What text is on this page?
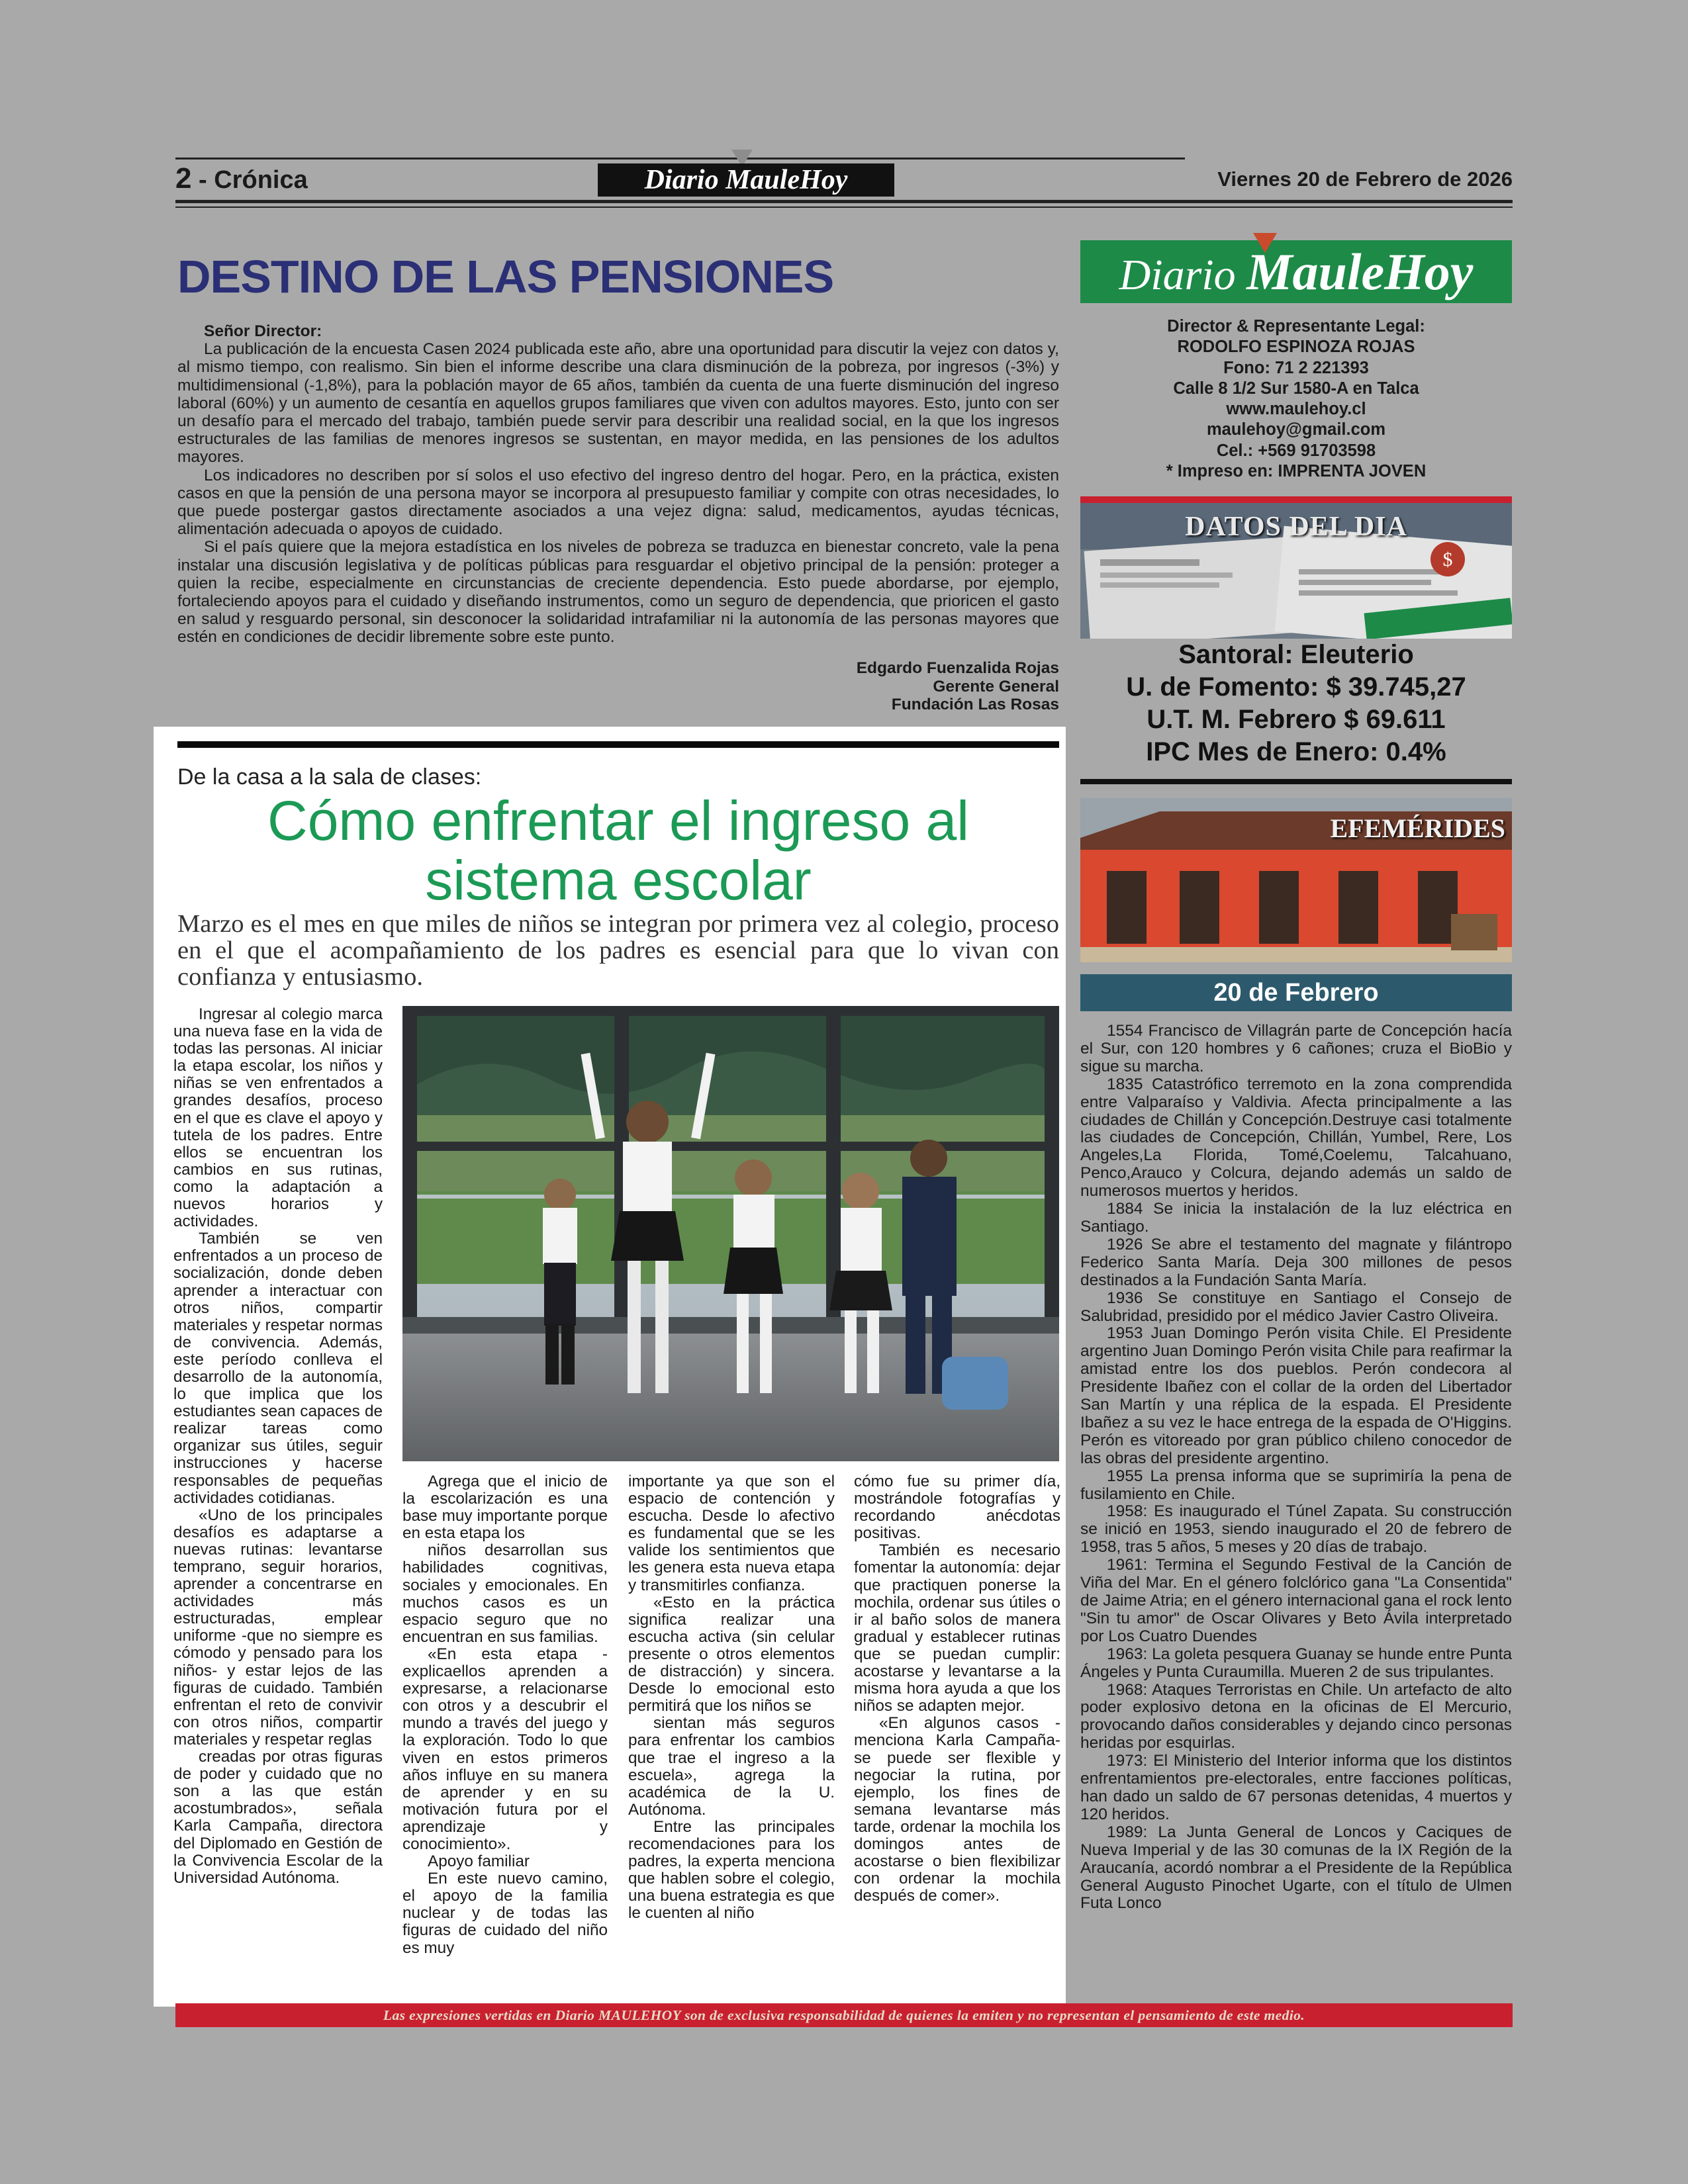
2 - Crónica	Diario MauleHoy	Viernes 20 de Febrero de 2026
DESTINO DE LAS PENSIONES

Señor Director:

La publicación de la encuesta Casen 2024 publicada este año, abre una oportunidad para discutir la vejez con datos y, al mismo tiempo, con realismo. Sin bien el informe describe una clara disminución de la pobreza, por ingresos (-3%) y multidimensional (-1,8%), para la población mayor de 65 años, también da cuenta de una fuerte disminución del ingreso laboral (60%) y un aumento de cesantía en aquellos grupos familiares que viven con adultos mayores. Esto, junto con ser un desafío para el mercado del trabajo, también puede servir para describir una realidad social, en la que los ingresos estructurales de las familias de menores ingresos se sustentan, en mayor medida, en las pensiones de los adultos mayores.

Los indicadores no describen por sí solos el uso efectivo del ingreso dentro del hogar. Pero, en la práctica, existen casos en que la pensión de una persona mayor se incorpora al presupuesto familiar y compite con otras necesidades, lo que puede postergar gastos directamente asociados a una vejez digna: salud, medicamentos, ayudas técnicas, alimentación adecuada o apoyos de cuidado.

Si el país quiere que la mejora estadística en los niveles de pobreza se traduzca en bienestar concreto, vale la pena instalar una discusión legislativa y de políticas públicas para resguardar el objetivo principal de la pensión: proteger a quien la recibe, especialmente en circunstancias de creciente dependencia. Esto puede abordarse, por ejemplo, fortaleciendo apoyos para el cuidado y diseñando instrumentos, como un seguro de dependencia, que prioricen el gasto en salud y resguardo personal, sin desconocer la solidaridad intrafamiliar ni la autonomía de las personas mayores que estén en condiciones de decidir libremente sobre este punto.

Edgardo Fuenzalida Rojas
Gerente General
Fundación Las Rosas
De la casa a la sala de clases:
Cómo enfrentar el ingreso al sistema escolar
Marzo es el mes en que miles de niños se integran por primera vez al colegio, proceso en el que el acompañamiento de los padres es esencial para que lo vivan con confianza y entusiasmo.

Ingresar al colegio marca una nueva fase en la vida de todas las personas. Al iniciar la etapa escolar, los niños y niñas se ven enfrentados a grandes desafíos, proceso en el que es clave el apoyo y tutela de los padres. Entre ellos se encuentran los cambios en sus rutinas, como la adaptación a nuevos horarios y actividades.

También se ven enfrentados a un proceso de socialización, donde deben aprender a interactuar con otros niños, compartir materiales y respetar normas de convivencia. Además, este período conlleva el desarrollo de la autonomía, lo que implica que los estudiantes sean capaces de realizar tareas como organizar sus útiles, seguir instrucciones y hacerse responsables de pequeñas actividades cotidianas.

«Uno de los principales desafíos es adaptarse a nuevas rutinas: levantarse temprano, seguir horarios, aprender a concentrarse en actividades más estructuradas, emplear uniforme -que no siempre es cómodo y pensado para los niños- y estar lejos de las figuras de cuidado. También enfrentan el reto de convivir con otros niños, compartir materiales y respetar reglas

creadas por otras figuras de poder y cuidado que no son a las que están acostumbrados», señala Karla Campaña, directora del Diplomado en Gestión de la Convivencia Escolar de la Universidad Autónoma.

Agrega que el inicio de la escolarización es una base muy importante porque en esta etapa los

niños desarrollan sus habilidades cognitivas, sociales y emocionales. En muchos casos es un espacio seguro que no encuentran en sus familias.

«En esta etapa -explicaellos aprenden a expresarse, a relacionarse con otros y a descubrir el mundo a través del juego y la exploración. Todo lo que viven en estos primeros años influye en su manera de aprender y en su motivación futura por el aprendizaje y conocimiento».

Apoyo familiar

En este nuevo camino, el apoyo de la familia nuclear y de todas las figuras de cuidado del niño es muy

importante ya que son el espacio de contención y escucha. Desde lo afectivo es fundamental que se les valide los sentimientos que les genera esta nueva etapa y transmitirles confianza.

«Esto en la práctica significa realizar una escucha activa (sin celular presente o otros elementos de distracción) y sincera. Desde lo emocional esto permitirá que los niños se

sientan más seguros para enfrentar los cambios que trae el ingreso a la escuela», agrega la académica de la U. Autónoma.

Entre las principales recomendaciones para los padres, la experta menciona que hablen sobre el colegio, una buena estrategia es que le cuenten al niño

cómo fue su primer día, mostrándole fotografías y recordando anécdotas positivas.

También es necesario fomentar la autonomía: dejar que practiquen ponerse la mochila, ordenar sus útiles o ir al baño solos de manera gradual y establecer rutinas que se puedan cumplir: acostarse y levantarse a la misma hora ayuda a que los niños se adapten mejor.

«En algunos casos - menciona Karla Campaña- se puede ser flexible y negociar la rutina, por ejemplo, los fines de semana levantarse más tarde, ordenar la mochila los domingos antes de acostarse o bien flexibilizar con ordenar la mochila después de comer».

Diario MauleHoy
Director & Representante Legal:
RODOLFO ESPINOZA ROJAS
Fono: 71 2 221393
Calle 8 1/2 Sur 1580-A en Talca
www.maulehoy.cl
maulehoy@gmail.com
Cel.: +569 91703598
* Impreso en: IMPRENTA JOVEN
$
DATOS DEL DIA
Santoral: Eleuterio
U. de Fomento: $ 39.745,27
U.T. M. Febrero $ 69.611
IPC Mes de Enero: 0.4%
EFEMÉRIDES
20 de Febrero

1554 Francisco de Villagrán parte de Concepción hacía el Sur, con 120 hombres y 6 cañones; cruza el BioBio y sigue su marcha.

1835 Catastrófico terremoto en la zona comprendida entre Valparaíso y Valdivia. Afecta principalmente a las ciudades de Chillán y Concepción.Destruye casi totalmente las ciudades de Concepción, Chillán, Yumbel, Rere, Los Angeles,La Florida, Tomé,Coelemu, Talcahuano, Penco,Arauco y Colcura, dejando además un saldo de numerosos muertos y heridos.

1884 Se inicia la instalación de la luz eléctrica en Santiago.

1926 Se abre el testamento del magnate y filántropo Federico Santa María. Deja 300 millones de pesos destinados a la Fundación Santa María.

1936 Se constituye en Santiago el Consejo de Salubridad, presidido por el médico Javier Castro Oliveira.

1953 Juan Domingo Perón visita Chile. El Presidente argentino Juan Domingo Perón visita Chile para reafirmar la amistad entre los dos pueblos. Perón condecora al Presidente Ibañez con el collar de la orden del Libertador San Martín y una réplica de la espada. El Presidente Ibañez a su vez le hace entrega de la espada de O'Higgins. Perón es vitoreado por gran público chileno conocedor de las obras del presidente argentino.

1955 La prensa informa que se suprimiría la pena de fusilamiento en Chile.

1958: Es inaugurado el Túnel Zapata. Su construcción se inició en 1953, siendo inaugurado el 20 de febrero de 1958, tras 5 años, 5 meses y 20 días de trabajo.

1961: Termina el Segundo Festival de la Canción de Viña del Mar. En el género folclórico gana "La Consentida" de Jaime Atria; en el género internacional gana el rock lento "Sin tu amor" de Oscar Olivares y Beto Ávila interpretado por Los Cuatro Duendes

1963: La goleta pesquera Guanay se hunde entre Punta Ángeles y Punta Curaumilla. Mueren 2 de sus tripulantes.

1968: Ataques Terroristas en Chile. Un artefacto de alto poder explosivo detona en la oficinas de El Mercurio, provocando daños considerables y dejando cinco personas heridas por esquirlas.

1973: El Ministerio del Interior informa que los distintos enfrentamientos pre-electorales, entre facciones políticas, han dado un saldo de 67 personas detenidas, 4 muertos y 120 heridos.

1989: La Junta General de Loncos y Caciques de Nueva Imperial y de las 30 comunas de la IX Región de la Araucanía, acordó nombrar a el Presidente de la República General Augusto Pinochet Ugarte, con el título de Ulmen Futa Lonco

Las expresiones vertidas en Diario MAULEHOY son de exclusiva responsabilidad de quienes la emiten y no representan el pensamiento de este medio.
